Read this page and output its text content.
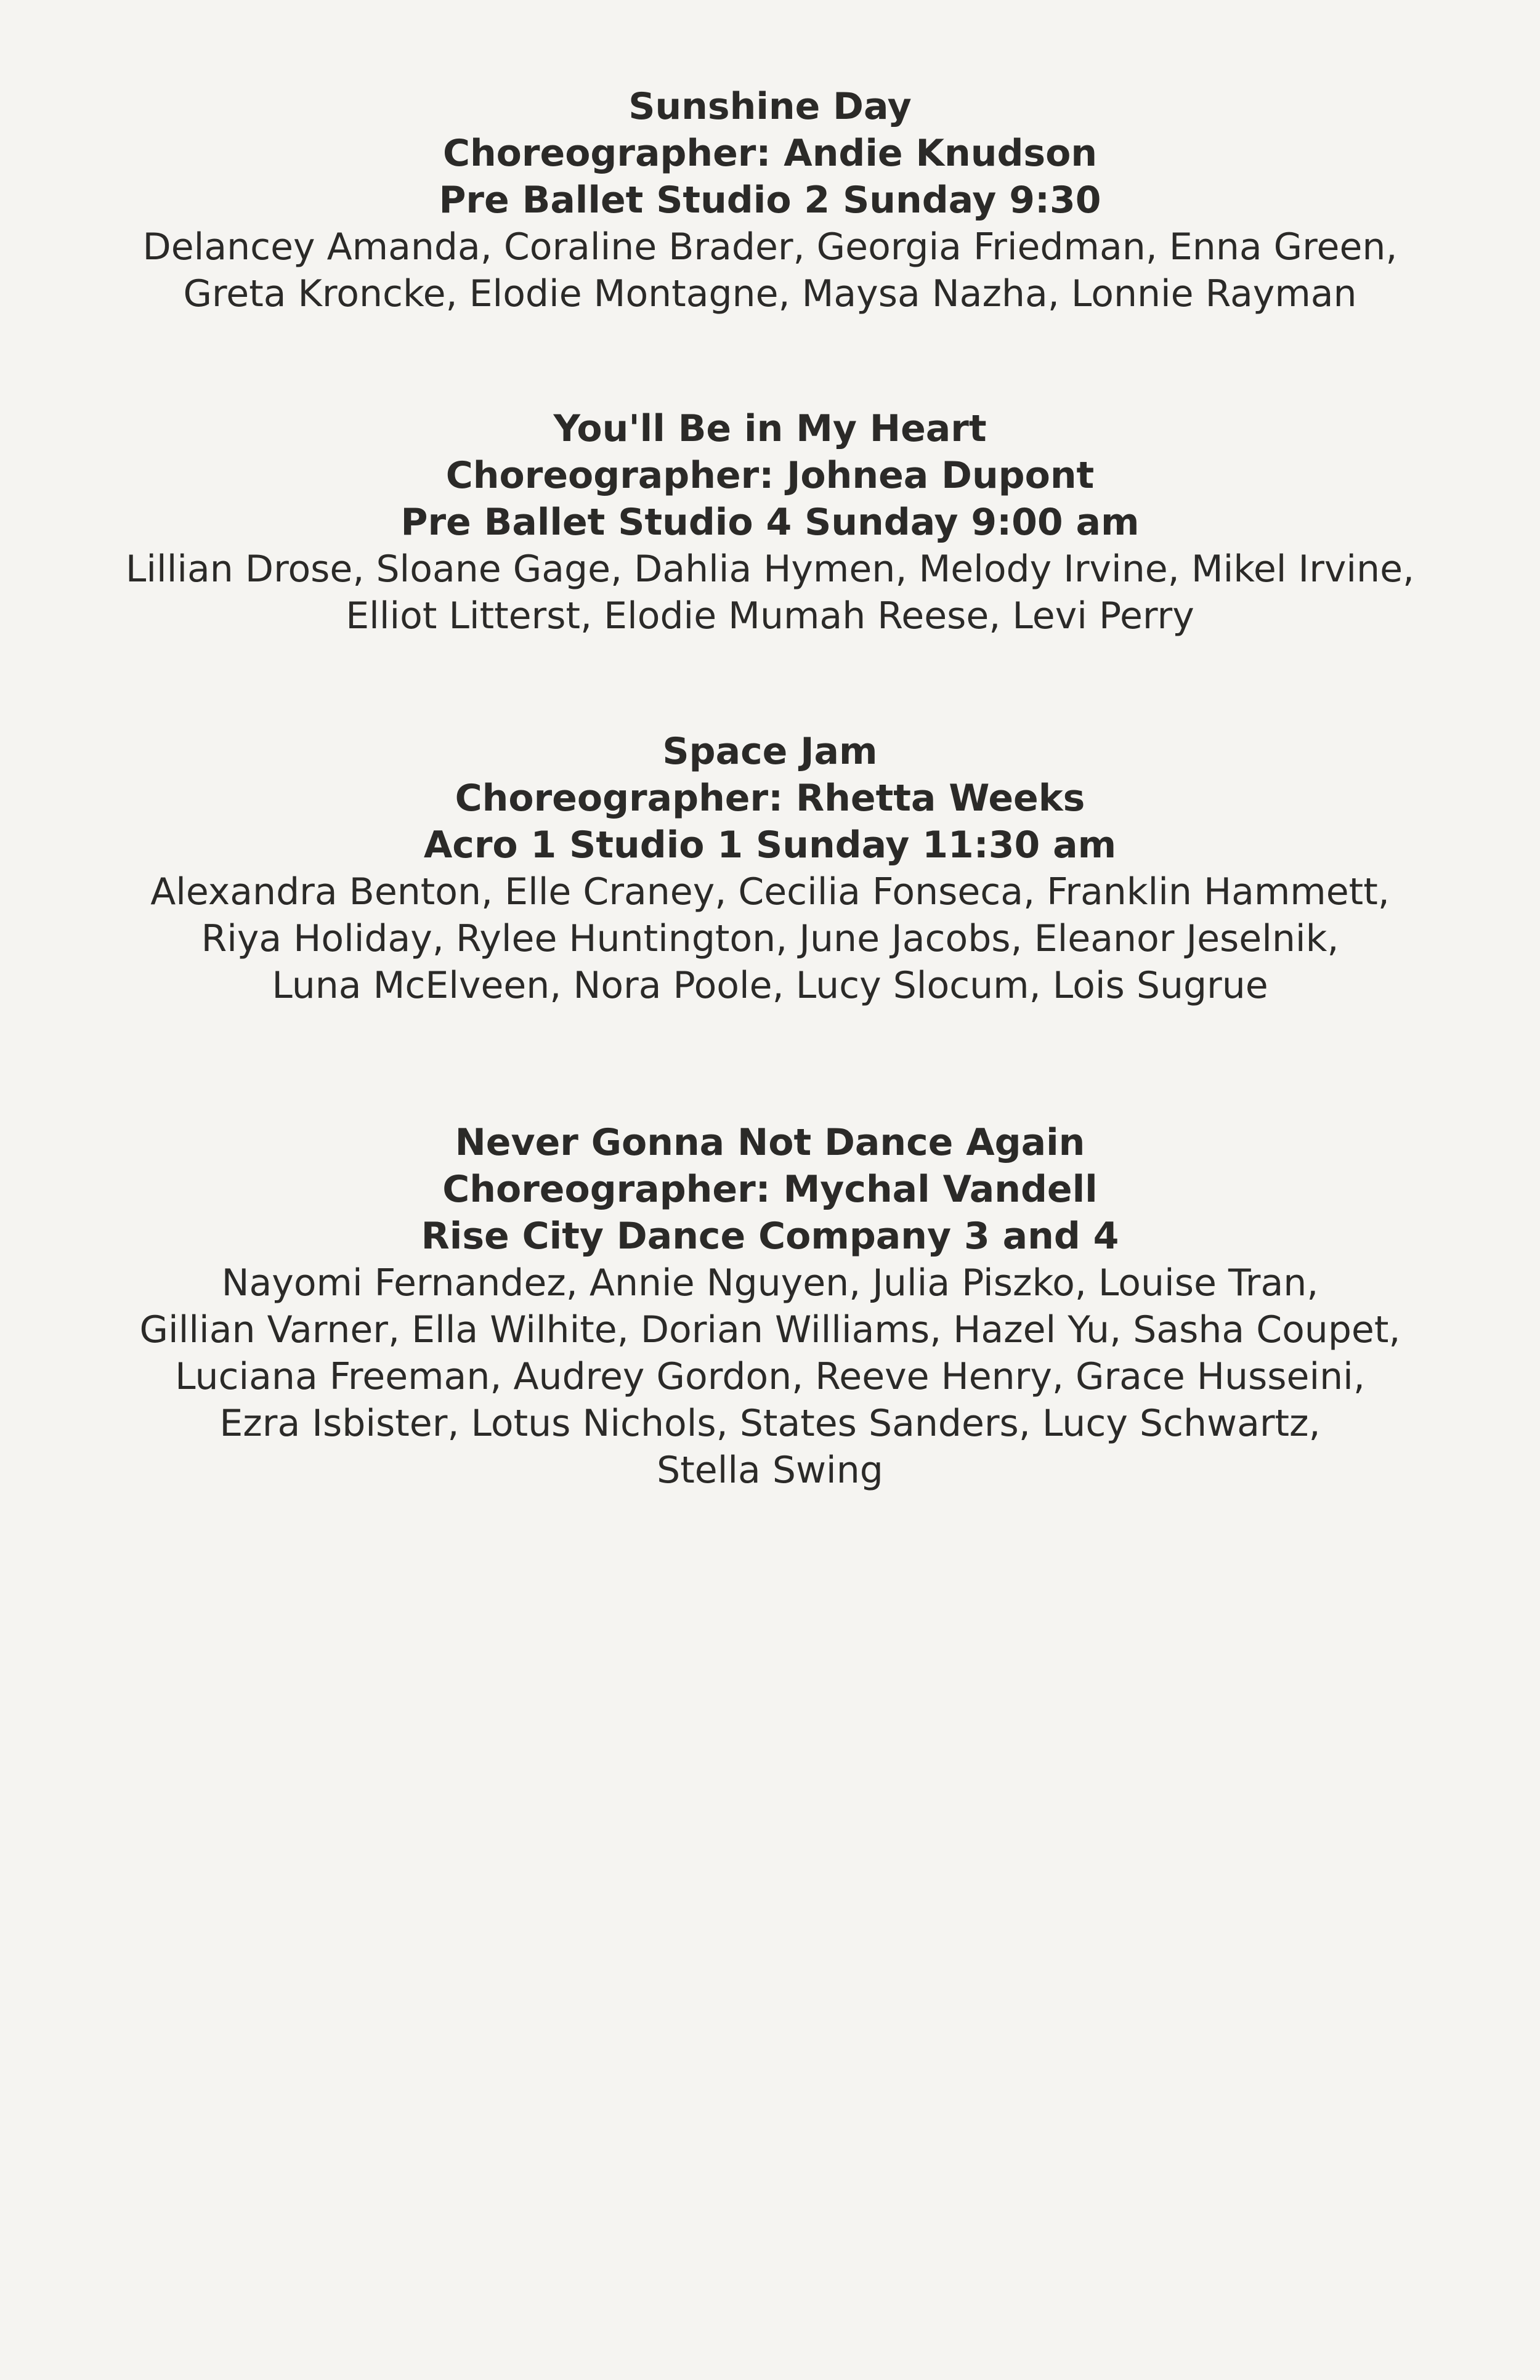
Sunshine Day
Choreographer: Andie Knudson
Pre Ballet Studio 2 Sunday 9:30
Delancey Amanda, Coraline Brader, Georgia Friedman, Enna Green,
Greta Kroncke, Elodie Montagne, Maysa Nazha, Lonnie Rayman
You'll Be in My Heart
Choreographer: Johnea Dupont
Pre Ballet Studio 4 Sunday 9:00 am
Lillian Drose, Sloane Gage, Dahlia Hymen, Melody Irvine, Mikel Irvine,
Elliot Litterst, Elodie Mumah Reese, Levi Perry
Space Jam
Choreographer: Rhetta Weeks
Acro 1 Studio 1 Sunday 11:30 am
Alexandra Benton, Elle Craney, Cecilia Fonseca, Franklin Hammett,
Riya Holiday, Rylee Huntington, June Jacobs, Eleanor Jeselnik,
Luna McElveen, Nora Poole, Lucy Slocum, Lois Sugrue
Never Gonna Not Dance Again
Choreographer: Mychal Vandell
Rise City Dance Company 3 and 4
Nayomi Fernandez, Annie Nguyen, Julia Piszko, Louise Tran,
Gillian Varner, Ella Wilhite, Dorian Williams, Hazel Yu, Sasha Coupet,
Luciana Freeman, Audrey Gordon, Reeve Henry, Grace Husseini,
Ezra Isbister, Lotus Nichols, States Sanders, Lucy Schwartz,
Stella Swing
